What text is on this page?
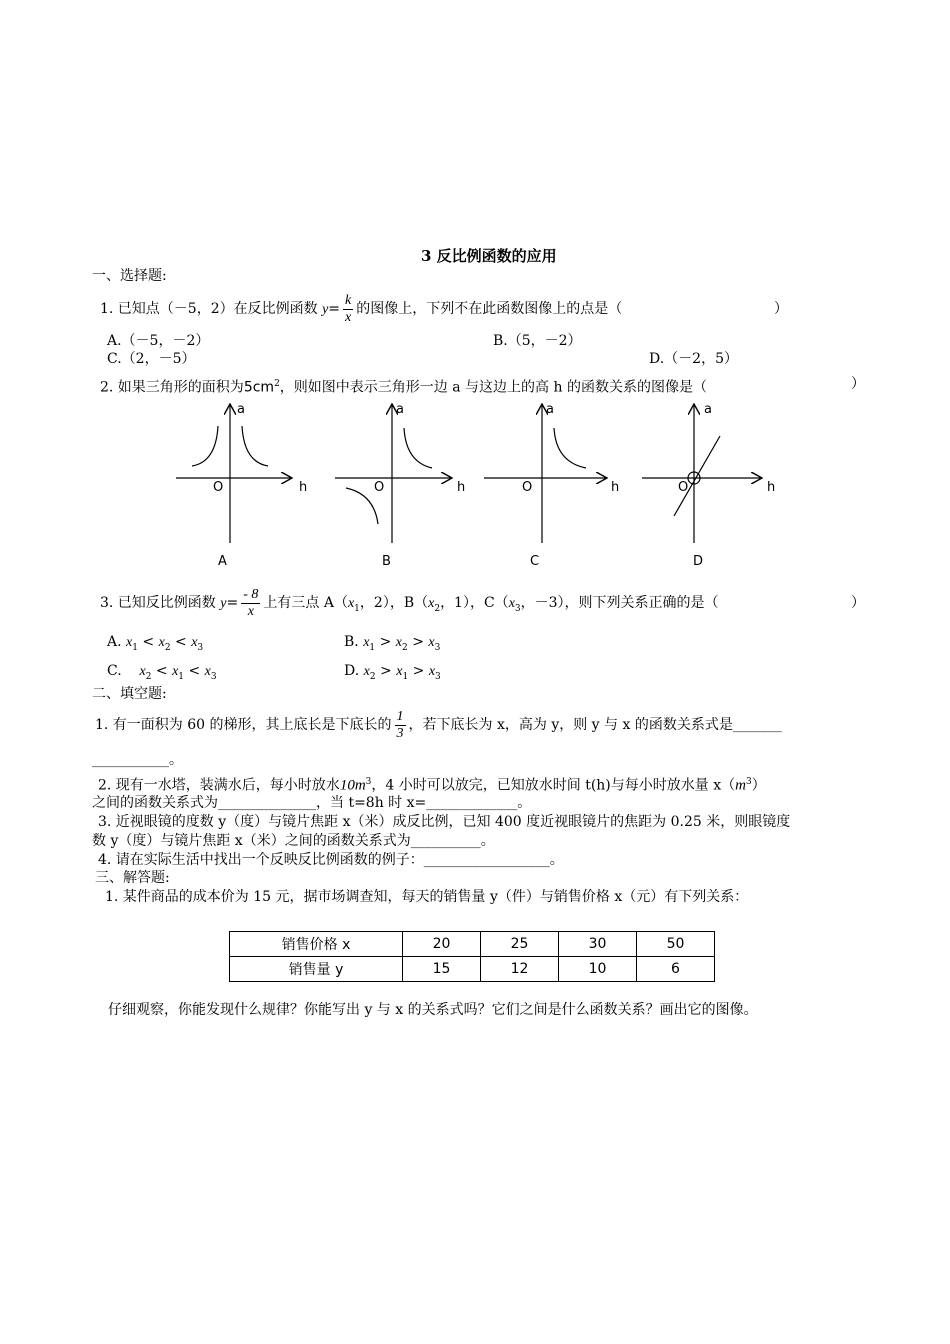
3 反比例函数的应用
一、选择题:
1. 已知点（－5，2）在反比例函数 $y= \frac{k}{x}$ 的图像上，下列不在此函数图像上的点是（	）
A.（－5，－2）	B.（5，－2）
C.（2，－5）	D.（－2，5）
2. 如果三角形的面积为$5cm^2$，则如图中表示三角形一边 a 与这边上的高 h 的函数关系的图像是（	）
a
h
O
A
a
h
O
B
a
h
O
C
a
h
O
D
3. 已知反比例函数 $y= \frac{- 8}{x}$ 上有三点 $A(x_1$，2），$B(x_2$，1），$C(x_3$，－3），则下列关系正确的是（	）
A. $x_1 < x_2 < x_3$	B. $x_1 > x_2 > x_3$
C. $x_2 < x_1 < x_3$	D. $x_2 > x_1 > x_3$
二、填空题:
1. 有一面积为 60 的梯形，其上底长是下底长的 $\frac{1}{3}$ ，若下底长为 x，高为 y，则 y 与 x 的函数关系式是_______
___________。
2. 现有一水塔，装满水后，每小时放水$10m^3$，4 小时可以放完，已知放水时间 t(h)与每小时放水量 $x(m^3)$
之间的函数关系式为______________，当 t=8h 时 x=_____________。
3. 近视眼镜的度数 y（度）与镜片焦距 x（米）成反比例，已知 400 度近视眼镜片的焦距为 0.25 米，则眼镜度
数 y（度）与镜片焦距 x（米）之间的函数关系式为__________。
4. 请在实际生活中找出一个反映反比例函数的例子：__________________。
三、解答题:
1. 某件商品的成本价为 15 元，据市场调查知，每天的销售量 y（件）与销售价格 x（元）有下列关系：
销售价格 x	20	25	30	50
销售量 y	15	12	10	6
仔细观察，你能发现什么规律？你能写出 y 与 x 的关系式吗？它们之间是什么函数关系？画出它的图像。
